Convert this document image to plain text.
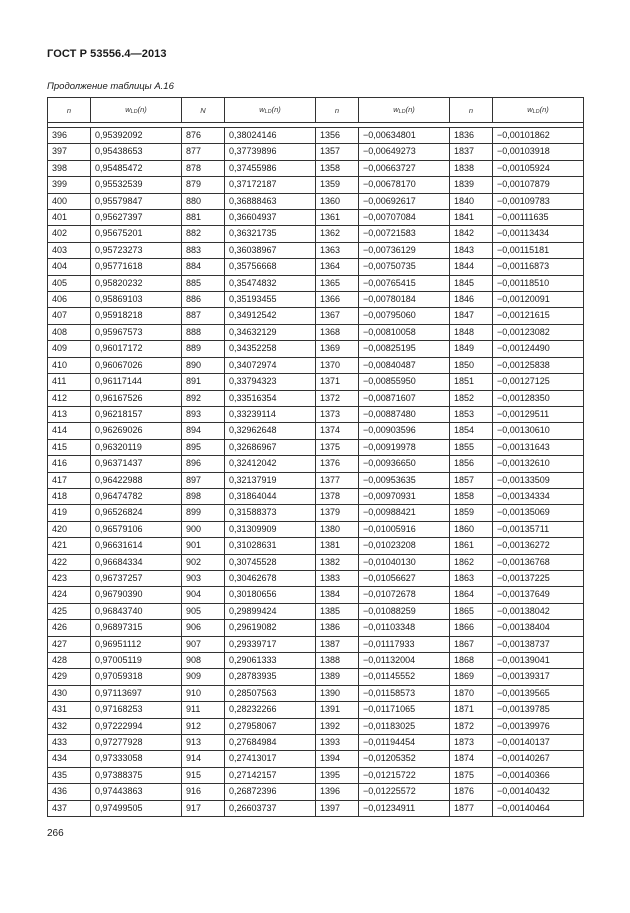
ГОСТ Р 53556.4—2013
Продолжение таблицы А.16
n	wLD(n)	N	wLD(n)	n	wLD(n)	n	wLD(n)

396	0,95392092	876	0,38024146	1356	−0,00634801	1836	−0,00101862
397	0,95438653	877	0,37739896	1357	−0,00649273	1837	−0,00103918
398	0,95485472	878	0,37455986	1358	−0,00663727	1838	−0,00105924
399	0,95532539	879	0,37172187	1359	−0,00678170	1839	−0,00107879
400	0,95579847	880	0,36888463	1360	−0,00692617	1840	−0,00109783
401	0,95627397	881	0,36604937	1361	−0,00707084	1841	−0,00111635
402	0,95675201	882	0,36321735	1362	−0,00721583	1842	−0,00113434
403	0,95723273	883	0,36038967	1363	−0,00736129	1843	−0,00115181
404	0,95771618	884	0,35756668	1364	−0,00750735	1844	−0,00116873
405	0,95820232	885	0,35474832	1365	−0,00765415	1845	−0,00118510
406	0,95869103	886	0,35193455	1366	−0,00780184	1846	−0,00120091
407	0,95918218	887	0,34912542	1367	−0,00795060	1847	−0,00121615
408	0,95967573	888	0,34632129	1368	−0,00810058	1848	−0,00123082
409	0,96017172	889	0,34352258	1369	−0,00825195	1849	−0,00124490
410	0,96067026	890	0,34072974	1370	−0,00840487	1850	−0,00125838
411	0,96117144	891	0,33794323	1371	−0,00855950	1851	−0,00127125
412	0,96167526	892	0,33516354	1372	−0,00871607	1852	−0,00128350
413	0,96218157	893	0,33239114	1373	−0,00887480	1853	−0,00129511
414	0,96269026	894	0,32962648	1374	−0,00903596	1854	−0,00130610
415	0,96320119	895	0,32686967	1375	−0,00919978	1855	−0,00131643
416	0,96371437	896	0,32412042	1376	−0,00936650	1856	−0,00132610
417	0,96422988	897	0,32137919	1377	−0,00953635	1857	−0,00133509
418	0,96474782	898	0,31864044	1378	−0,00970931	1858	−0,00134334
419	0,96526824	899	0,31588373	1379	−0,00988421	1859	−0,00135069
420	0,96579106	900	0,31309909	1380	−0,01005916	1860	−0,00135711
421	0,96631614	901	0,31028631	1381	−0,01023208	1861	−0,00136272
422	0,96684334	902	0,30745528	1382	−0,01040130	1862	−0,00136768
423	0,96737257	903	0,30462678	1383	−0,01056627	1863	−0,00137225
424	0,96790390	904	0,30180656	1384	−0,01072678	1864	−0,00137649
425	0,96843740	905	0,29899424	1385	−0,01088259	1865	−0,00138042
426	0,96897315	906	0,29619082	1386	−0,01103348	1866	−0,00138404
427	0,96951112	907	0,29339717	1387	−0,01117933	1867	−0,00138737
428	0,97005119	908	0,29061333	1388	−0,01132004	1868	−0,00139041
429	0,97059318	909	0,28783935	1389	−0,01145552	1869	−0,00139317
430	0,97113697	910	0,28507563	1390	−0,01158573	1870	−0,00139565
431	0,97168253	911	0,28232266	1391	−0,01171065	1871	−0,00139785
432	0,97222994	912	0,27958067	1392	−0,01183025	1872	−0,00139976
433	0,97277928	913	0,27684984	1393	−0,01194454	1873	−0,00140137
434	0,97333058	914	0,27413017	1394	−0,01205352	1874	−0,00140267
435	0,97388375	915	0,27142157	1395	−0,01215722	1875	−0,00140366
436	0,97443863	916	0,26872396	1396	−0,01225572	1876	−0,00140432
437	0,97499505	917	0,26603737	1397	−0,01234911	1877	−0,00140464
266
